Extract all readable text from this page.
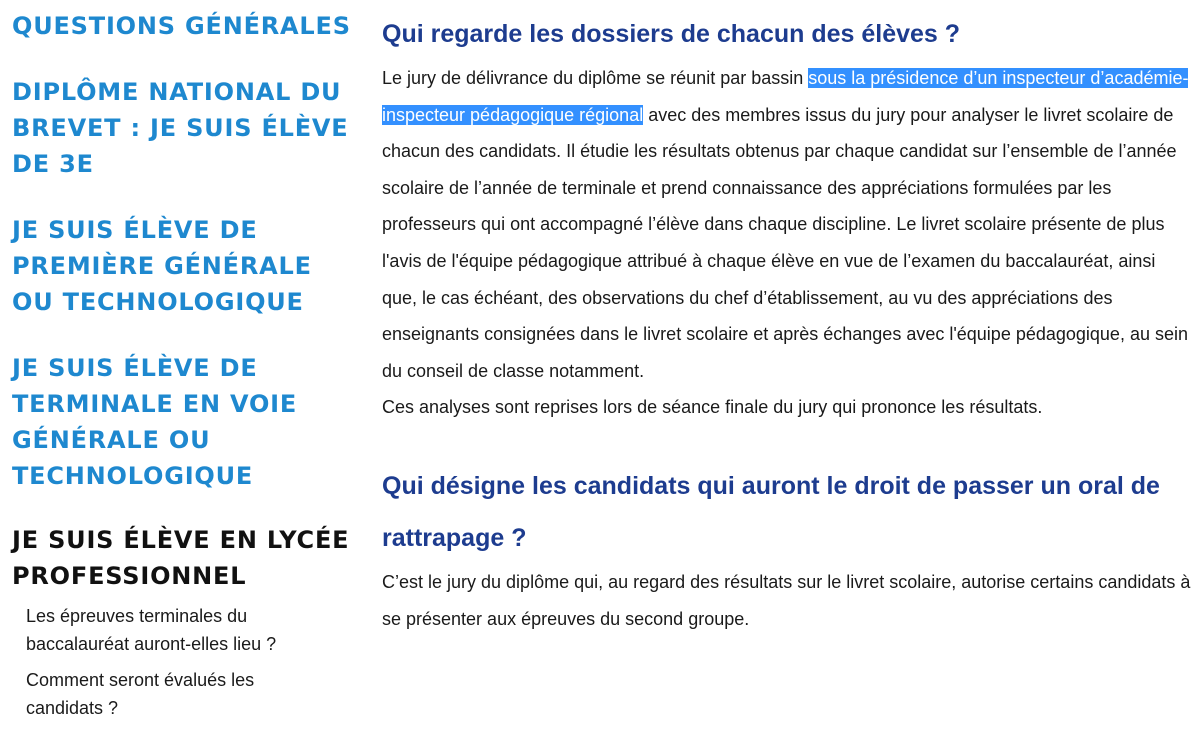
QUESTIONS GÉNÉRALES
DIPLÔME NATIONAL DU BREVET : JE SUIS ÉLÈVE DE 3E
JE SUIS ÉLÈVE DE PREMIÈRE GÉNÉRALE OU TECHNOLOGIQUE
JE SUIS ÉLÈVE DE TERMINALE EN VOIE GÉNÉRALE OU TECHNOLOGIQUE
JE SUIS ÉLÈVE EN LYCÉE PROFESSIONNEL
Les épreuves terminales du baccalauréat auront-elles lieu ?
Comment seront évalués les candidats ?
Qui regarde les dossiers de chacun des élèves ?

Le jury de délivrance du diplôme se réunit par bassin sous la présidence d’un inspecteur d’académie-inspecteur pédagogique régional avec des membres issus du jury pour analyser le livret scolaire de chacun des candidats. Il étudie les résultats obtenus par chaque candidat sur l’ensemble de l’année scolaire de l’année de terminale et prend connaissance des appréciations formulées par les professeurs qui ont accompagné l’élève dans chaque discipline. Le livret scolaire présente de plus l'avis de l'équipe pédagogique attribué à chaque élève en vue de l’examen du baccalauréat, ainsi que, le cas échéant, des observations du chef d’établissement, au vu des appréciations des enseignants consignées dans le livret scolaire et après échanges avec l'équipe pédagogique, au sein du conseil de classe notamment.
Ces analyses sont reprises lors de séance finale du jury qui prononce les résultats.

Qui désigne les candidats qui auront le droit de passer un oral de rattrapage ?

C’est le jury du diplôme qui, au regard des résultats sur le livret scolaire, autorise certains candidats à se présenter aux épreuves du second groupe.
